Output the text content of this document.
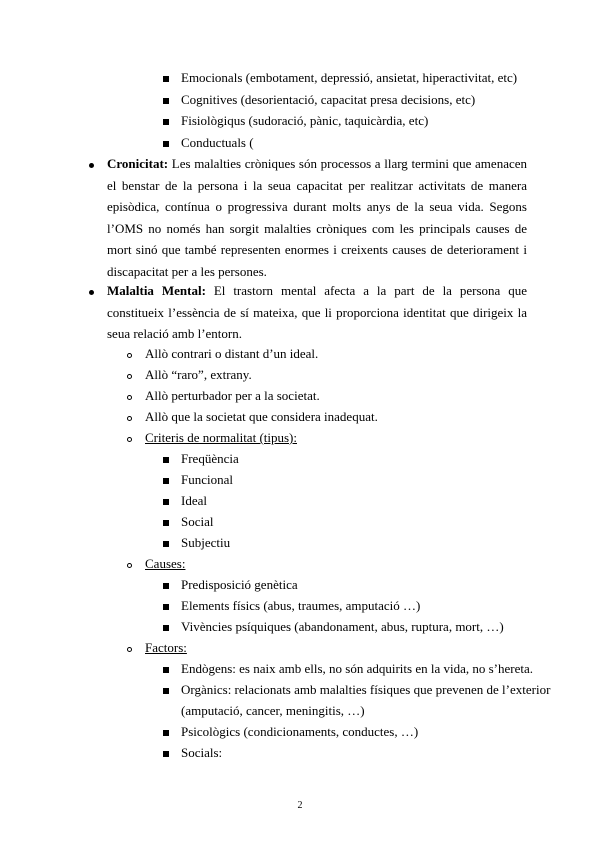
Emocionals (embotament, depressió, ansietat, hiperactivitat, etc)
Cognitives (desorientació, capacitat presa decisions, etc)
Fisiològiqus (sudoració, pànic, taquicàrdia, etc)
Conductuals (
Cronicitat: Les malalties cròniques són processos a llarg termini que amenacen el benstar de la persona i la seua capacitat per realitzar activitats de manera episòdica, contínua o progressiva durant molts anys de la seua vida. Segons l’OMS no només han sorgit malalties cròniques com les principals causes de mort sinó que també representen enormes i creixents causes de deteriorament i discapacitat per a les persones.
Malaltia Mental: El trastorn mental afecta a la part de la persona que constitueix l’essència de sí mateixa, que li proporciona identitat que dirigeix la seua relació amb l’entorn.
Allò contrari o distant d’un ideal.
Allò “raro”, extrany.
Allò perturbador per a la societat.
Allò que la societat que considera inadequat.
Criteris de normalitat (tipus):
Freqüència
Funcional
Ideal
Social
Subjectiu
Causes:
Predisposició genètica
Elements físics (abus, traumes, amputació …)
Vivències psíquiques (abandonament, abus, ruptura, mort, …)
Factors:
Endògens: es naix amb ells, no són adquirits en la vida, no s’hereta.
Orgànics: relacionats amb malalties físiques que prevenen de l’exterior
(amputació, cancer, meningitis, …)
Psicològics (condicionaments, conductes, …)
Socials:
2
